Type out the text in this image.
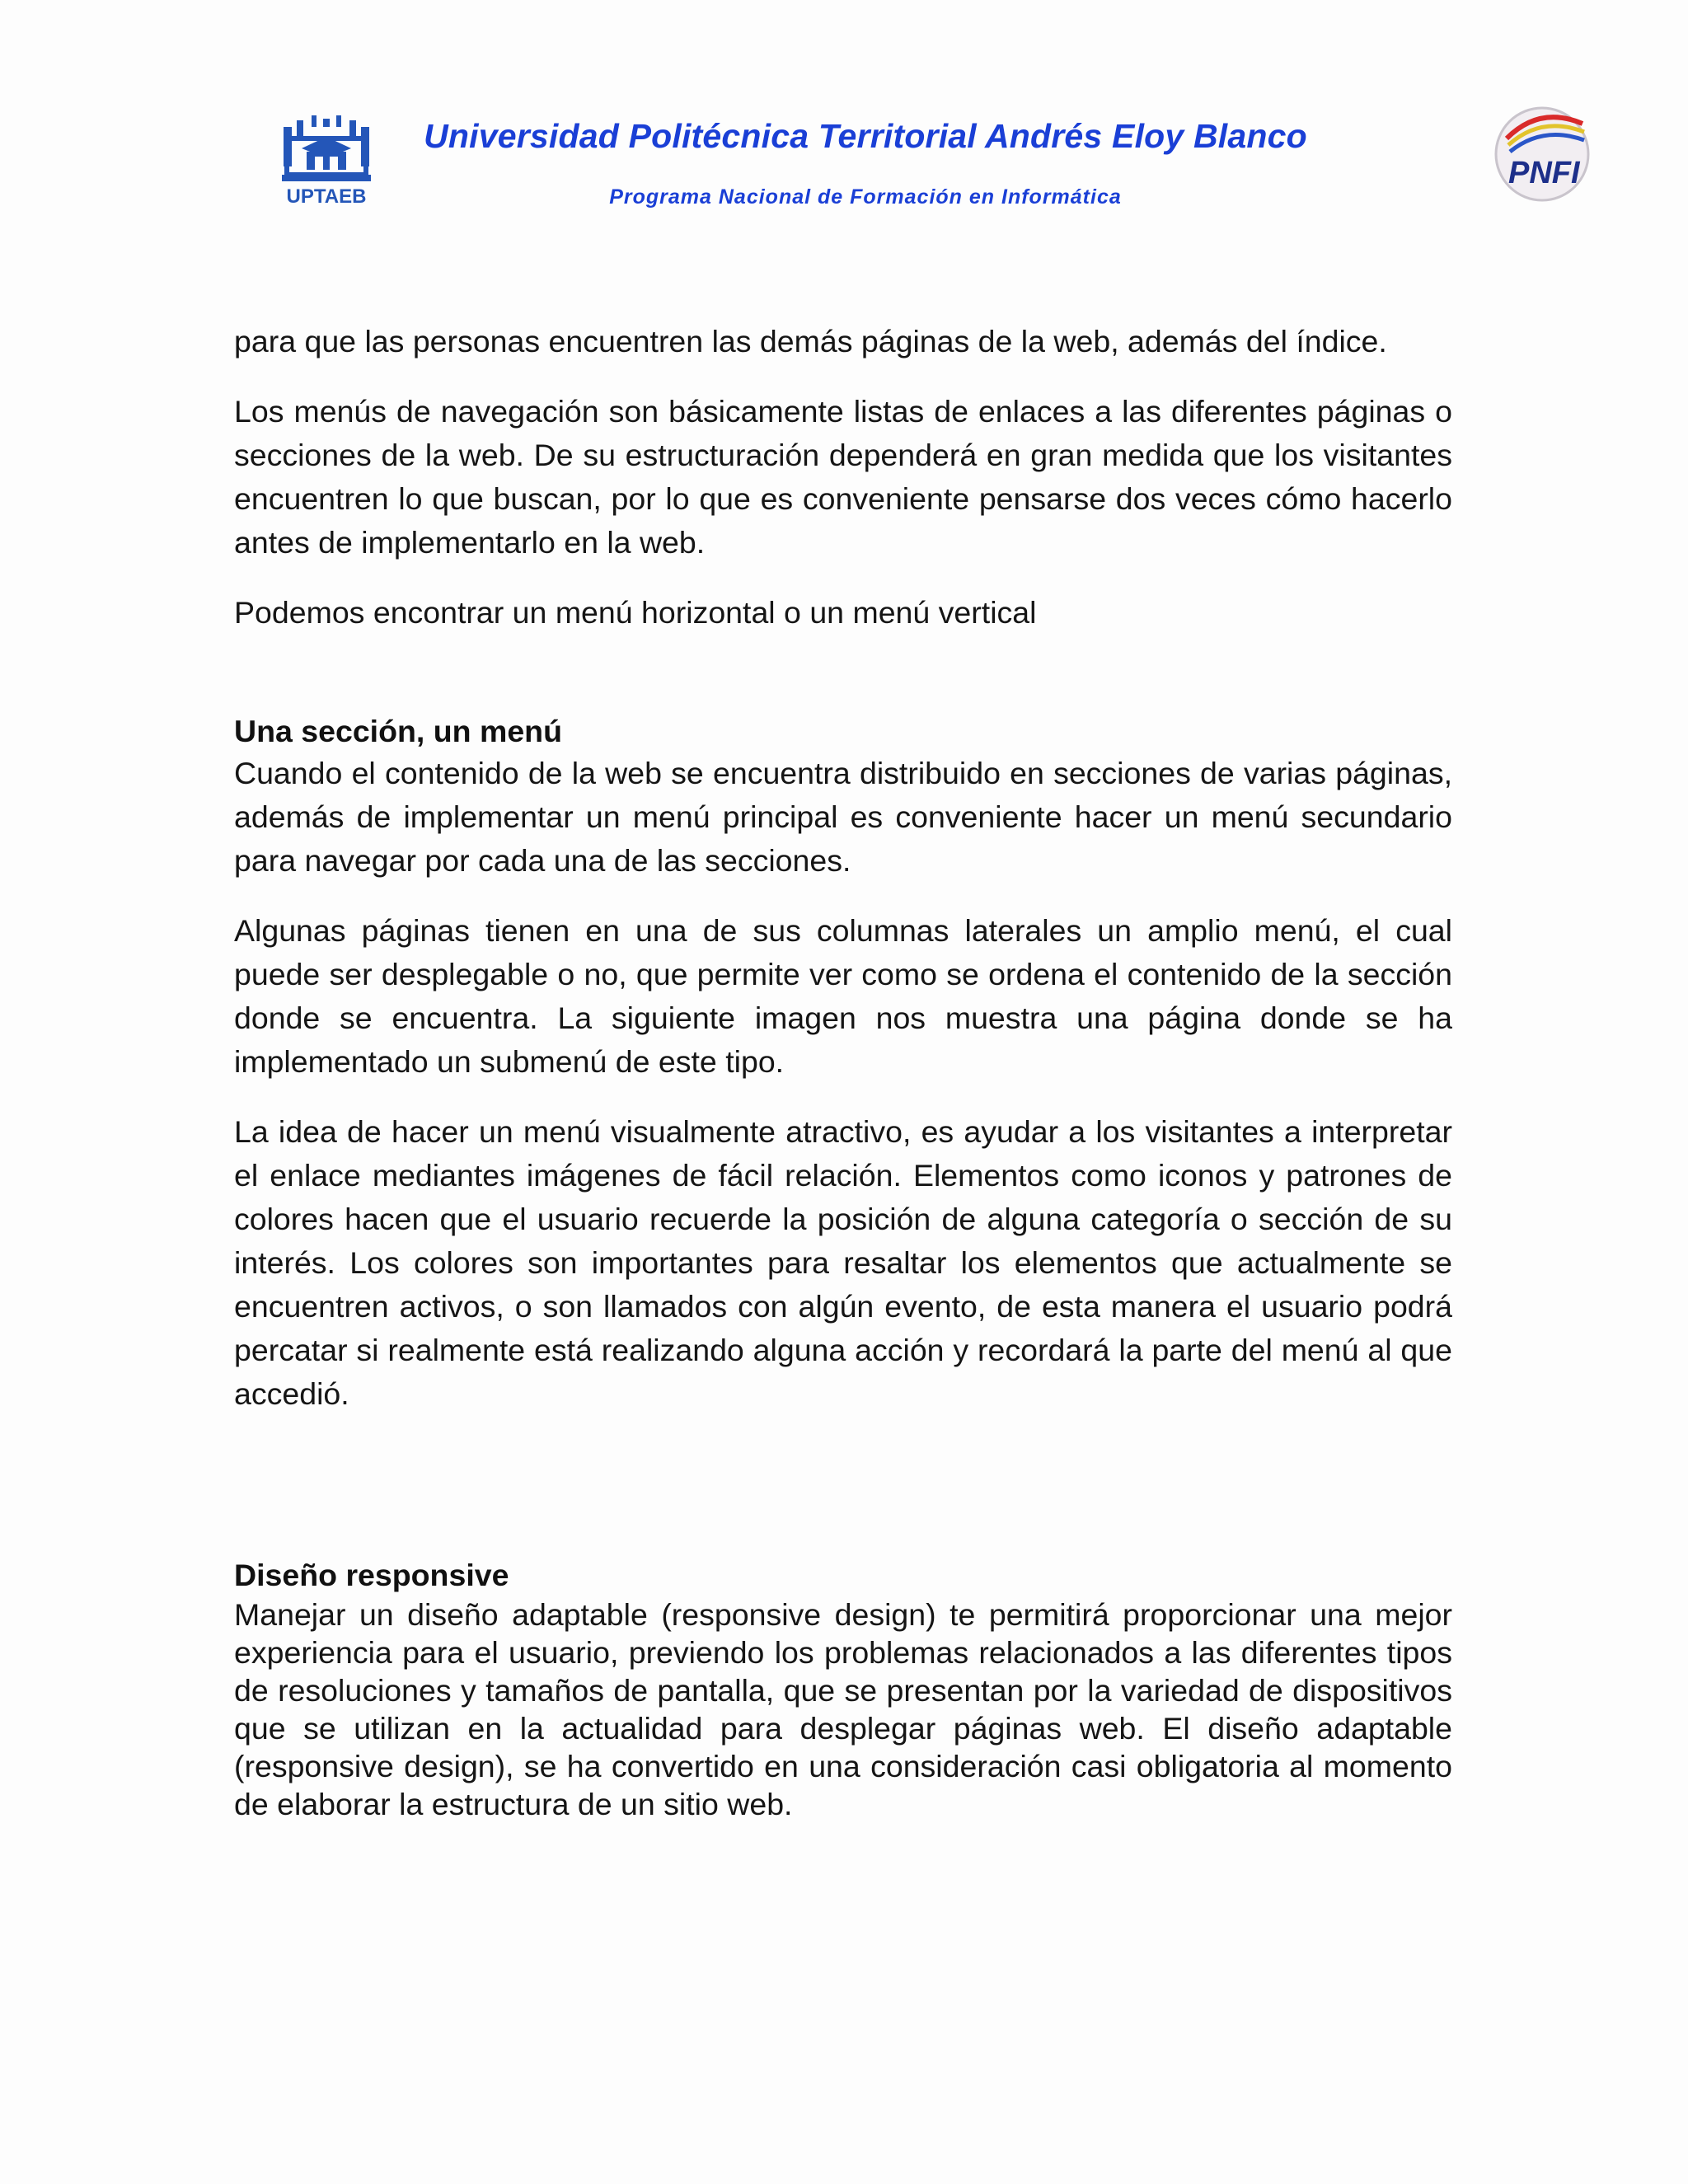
UPTAEB
Universidad Politécnica Territorial Andrés Eloy Blanco
Programa Nacional de Formación en Informática
PNFI

para que las personas encuentren las demás páginas de la web, además del índice.

Los menús de navegación son básicamente listas de enlaces a las diferentes páginas o secciones de la web. De su estructuración dependerá en gran medida que los visitantes encuentren lo que buscan, por lo que es conveniente pensarse dos veces cómo hacerlo antes de implementarlo en la web.

Podemos encontrar un menú horizontal o un menú vertical

Una sección, un menú

Cuando el contenido de la web se encuentra distribuido en secciones de varias páginas, además de implementar un menú principal es conveniente hacer un menú secundario para navegar por cada una de las secciones.

Algunas páginas tienen en una de sus columnas laterales un amplio menú, el cual puede ser desplegable o no, que permite ver como se ordena el contenido de la sección donde se encuentra. La siguiente imagen nos muestra una página donde se ha implementado un submenú de este tipo.

La idea de hacer un menú visualmente atractivo, es ayudar a los visitantes a interpretar el enlace mediantes imágenes de fácil relación. Elementos como iconos y patrones de colores hacen que el usuario recuerde la posición de alguna categoría o sección de su interés. Los colores son importantes para resaltar los elementos que actualmente se encuentren activos, o son llamados con algún evento, de esta manera el usuario podrá percatar si realmente está realizando alguna acción y recordará la parte del menú al que accedió.

Diseño responsive

Manejar un diseño adaptable (responsive design) te permitirá proporcionar una mejor experiencia para el usuario, previendo los problemas relacionados a las diferentes tipos de resoluciones y tamaños de pantalla, que se presentan por la variedad de dispositivos que se utilizan en la actualidad para desplegar páginas web. El diseño adaptable (responsive design), se ha convertido en una consideración casi obligatoria al momento de elaborar la estructura de un sitio web.
